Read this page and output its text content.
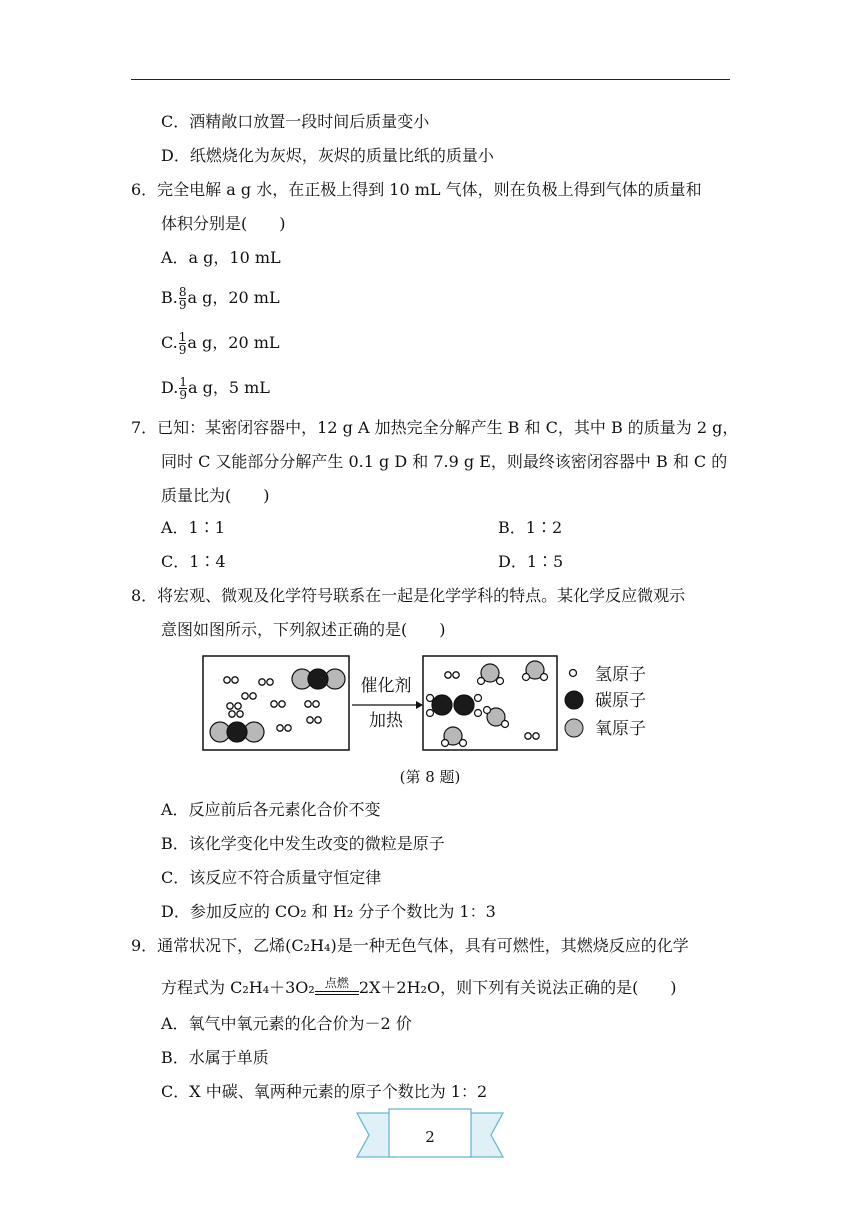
C．酒精敞口放置一段时间后质量变小
D．纸燃烧化为灰烬，灰烬的质量比纸的质量小
6．完全电解 a g 水，在正极上得到 10 mL 气体，则在负极上得到气体的质量和
体积分别是(　　)
A．a g，10 mL
B. $\frac{8}{9}$ a g，20 mL
C. $\frac{1}{9}$ a g，20 mL
D. $\frac{1}{9}$ a g，5 mL
7．已知：某密闭容器中，12 g A 加热完全分解产生 B 和 C，其中 B 的质量为 2 g，
同时 C 又能部分分解产生 0.1 g D 和 7.9 g E，则最终该密闭容器中 B 和 C 的
质量比为(　　)
A．1∶1	B．1∶2
C．1∶4	D．1∶5
8．将宏观、微观及化学符号联系在一起是化学学科的特点。某化学反应微观示
意图如图所示，下列叙述正确的是(　　)
催化剂
加热
氢原子
碳原子
氧原子
(第 8 题)
A．反应前后各元素化合价不变
B．该化学变化中发生改变的微粒是原子
C．该反应不符合质量守恒定律
D．参加反应的 CO₂ 和 H₂ 分子个数比为 1：3
9．通常状况下，乙烯(C₂H₄)是一种无色气体，具有可燃性，其燃烧反应的化学
方程式为 C₂H₄＋3O₂ 点燃 2X＋2H₂O，则下列有关说法正确的是(　　)
A．氧气中氧元素的化合价为－2 价
B．水属于单质
C．X 中碳、氧两种元素的原子个数比为 1：2
2
